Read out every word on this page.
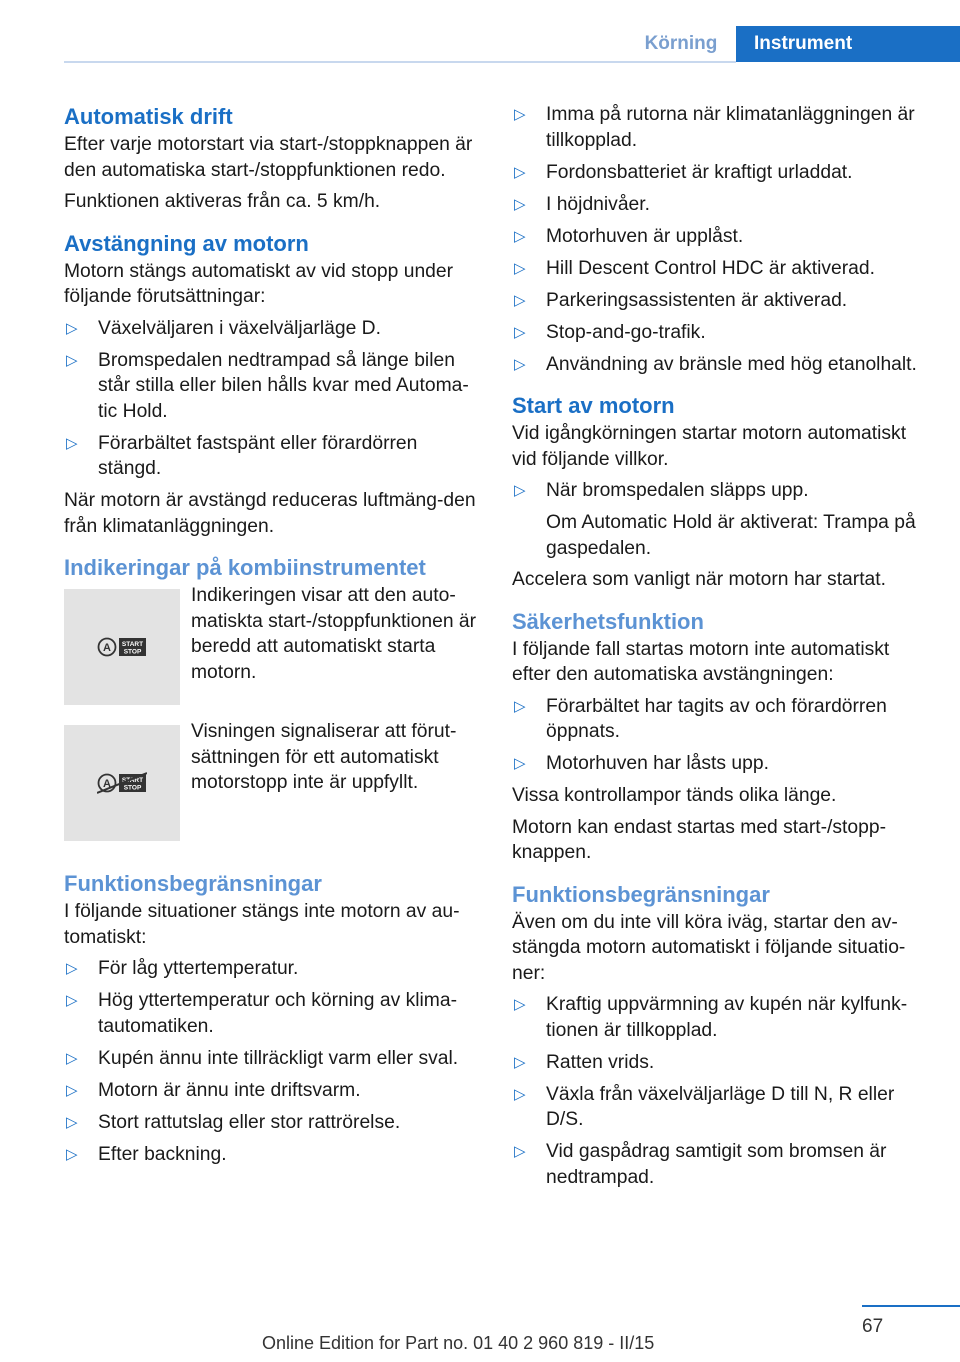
Körning	Instrument
Automatisk drift

Efter varje motorstart via start-/stoppknappen är den automatiska start-/stoppfunktionen redo.

Funktionen aktiveras från ca. 5 km/h.

Avstängning av motorn

Motorn stängs automatiskt av vid stopp under följande förutsättningar:

▷ Växelväljaren i växelväljarläge D.
▷ Bromspedalen nedtrampad så länge bilen står stilla eller bilen hålls kvar med Automa-tic Hold.
▷ Förarbältet fastspänt eller förardörren stängd.

När motorn är avstängd reduceras luftmäng-den från klimatanläggningen.

Indikeringar på kombiinstrumentet
A START
STOP
Indikeringen visar att den auto-matiskta start-/stoppfunktionen är beredd att automatiskt starta motorn.
A START
STOP
Visningen signaliserar att förut-sättningen för ett automatiskt motorstopp inte är uppfyllt.
Funktionsbegränsningar

I följande situationer stängs inte motorn av au-tomatiskt:

▷ För låg yttertemperatur.
▷ Hög yttertemperatur och körning av klima-tautomatiken.
▷ Kupén ännu inte tillräckligt varm eller sval.
▷ Motorn är ännu inte driftsvarm.
▷ Stort rattutslag eller stor rattrörelse.
▷ Efter backning.
▷ Imma på rutorna när klimatanläggningen är tillkopplad.
▷ Fordonsbatteriet är kraftigt urladdat.
▷ I höjdnivåer.
▷ Motorhuven är upplåst.
▷ Hill Descent Control HDC är aktiverad.
▷ Parkeringsassistenten är aktiverad.
▷ Stop-and-go-trafik.
▷ Användning av bränsle med hög etanolhalt.
Start av motorn

Vid igångkörningen startar motorn automatiskt vid följande villkor.

▷ När bromspedalen släpps upp.
Om Automatic Hold är aktiverat: Trampa på gaspedalen.

Accelera som vanligt när motorn har startat.

Säkerhetsfunktion

I följande fall startas motorn inte automatiskt efter den automatiska avstängningen:

▷ Förarbältet har tagits av och förardörren öppnats.
▷ Motorhuven har låsts upp.

Vissa kontrollampor tänds olika länge.

Motorn kan endast startas med start-/stopp-knappen.

Funktionsbegränsningar

Även om du inte vill köra iväg, startar den av-stängda motorn automatiskt i följande situatio-ner:

▷ Kraftig uppvärmning av kupén när kylfunk-tionen är tillkopplad.
▷ Ratten vrids.
▷ Växla från växelväljarläge D till N, R eller D/S.
▷ Vid gaspådrag samtigit som bromsen är nedtrampad.
67
Online Edition for Part no. 01 40 2 960 819 - II/15
